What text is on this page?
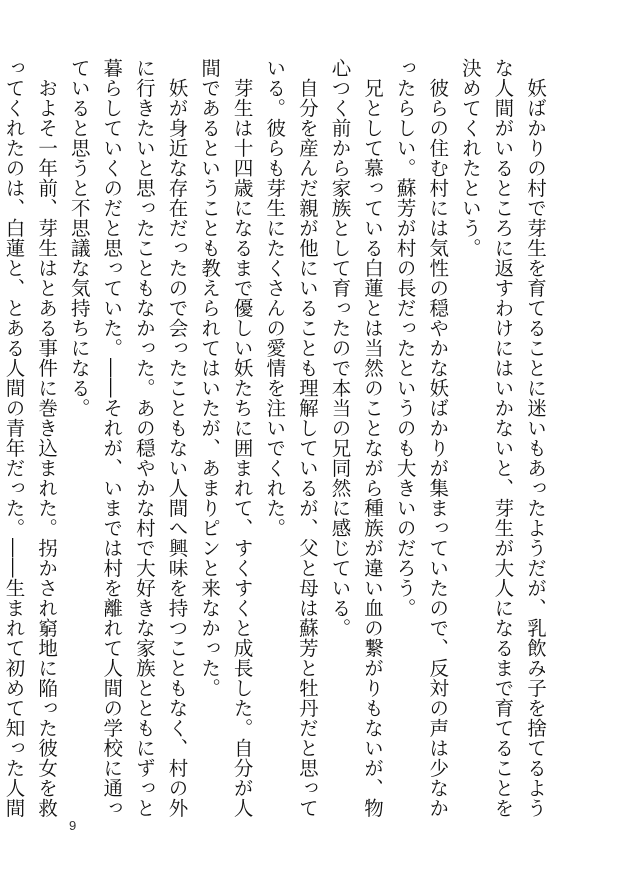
妖ばかりの村で芽生を育てることに迷いもあったようだが、乳飲み子を捨てるような人間がいるところに返すわけにはいかないと、芽生が大人になるまで育てることを決めてくれたという。

彼らの住む村には気性の穏やかな妖ばかりが集まっていたので、反対の声は少なかったらしい。蘇芳が村の長だったというのも大きいのだろう。

兄として慕っている白蓮とは当然のことながら種族が違い血の繋がりもないが、物心つく前から家族として育ったので本当の兄同然に感じている。

自分を産んだ親が他にいることも理解しているが、父と母は蘇芳と牡丹だと思っている。彼らも芽生にたくさんの愛情を注いでくれた。

芽生は十四歳になるまで優しい妖たちに囲まれて、すくすくと成長した。自分が人間であるということも教えられてはいたが、あまりピンと来なかった。

妖が身近な存在だったので会ったこともない人間へ興味を持つこともなく、村の外に行きたいと思ったこともなかった。あの穏やかな村で大好きな家族とともにずっと暮らしていくのだと思っていた。――それが、いまでは村を離れて人間の学校に通っていると思うと不思議な気持ちになる。

およそ一年前、芽生はとある事件に巻き込まれた。拐かされ窮地に陥った彼女を救ってくれたのは、白蓮と、とある人間の青年だった。――生まれて初めて知った人間

9
